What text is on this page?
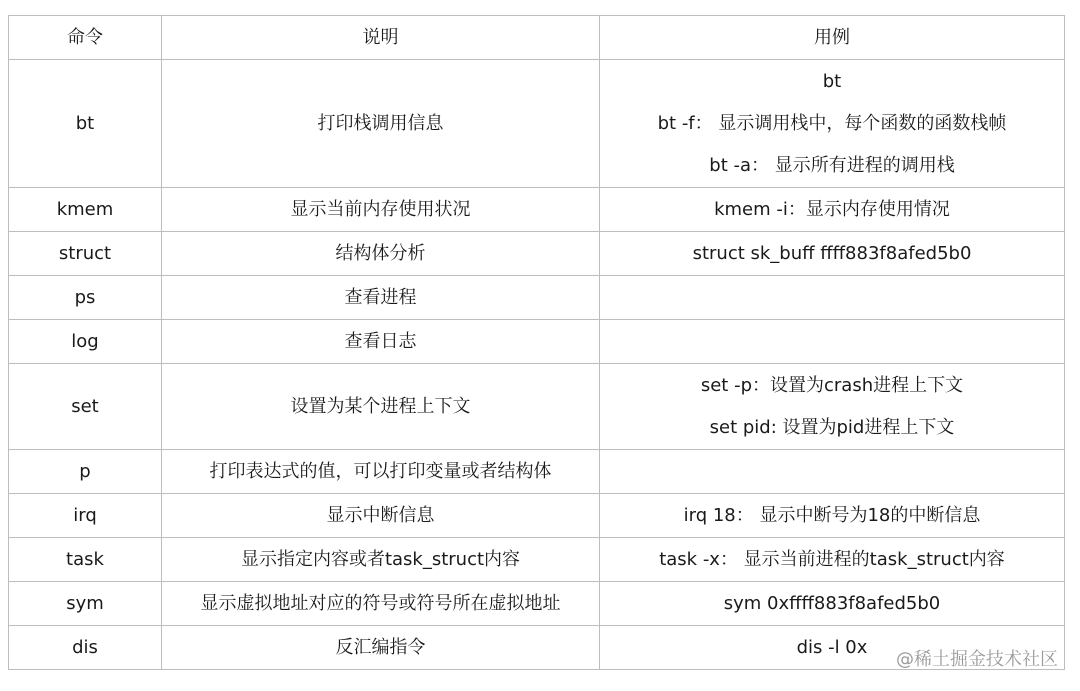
命令	说明	用例
bt	打印栈调用信息	bt
bt -f： 显示调用栈中，每个函数的函数栈帧
bt -a： 显示所有进程的调用栈

kmem	显示当前内存使用状况	kmem -i：显示内存使用情况

struct	结构体分析	struct sk_buff ffff883f8afed5b0

ps	查看进程	

log	查看日志	

set	设置为某个进程上下文	set -p：设置为crash进程上下文
set pid: 设置为pid进程上下文

p	打印表达式的值，可以打印变量或者结构体	

irq	显示中断信息	irq 18： 显示中断号为18的中断信息

task	显示指定内容或者task_struct内容	task -x： 显示当前进程的task_struct内容

sym	显示虚拟地址对应的符号或符号所在虚拟地址	sym 0xffff883f8afed5b0

dis	反汇编指令	dis -l 0x
@稀土掘金技术社区
